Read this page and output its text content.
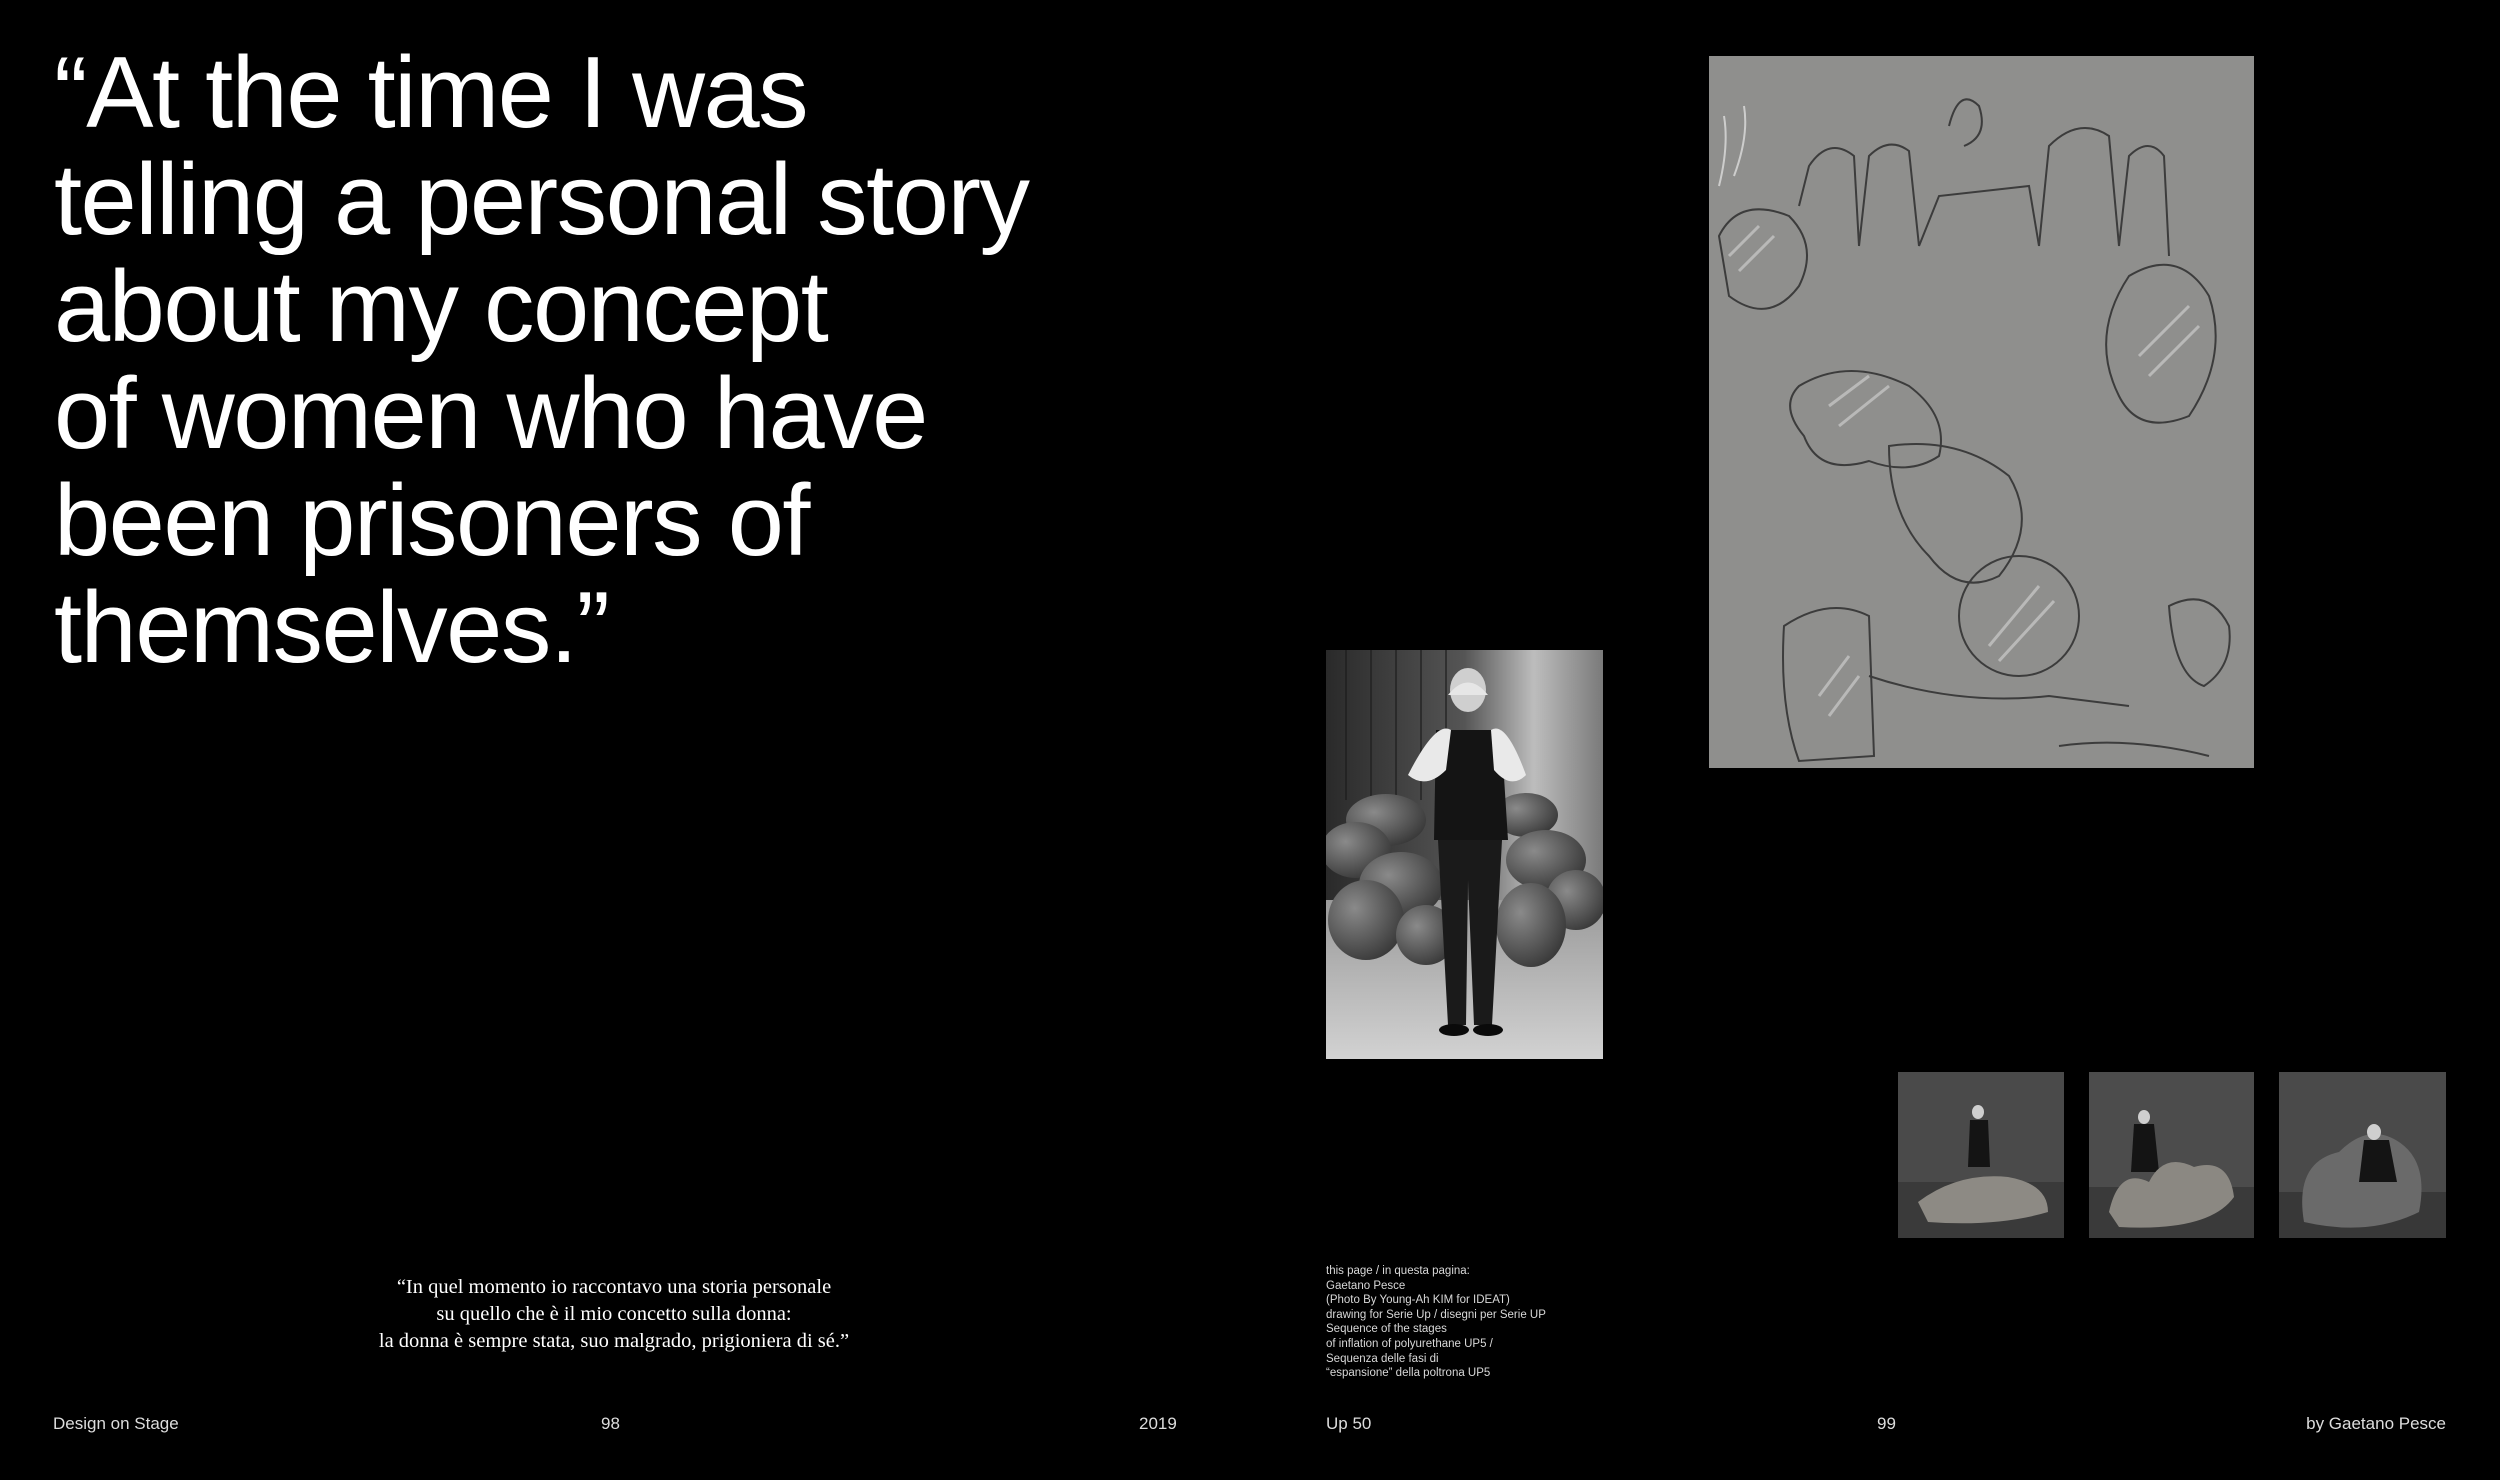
“At the time I was
telling a personal story
about my concept
of women who have
been prisoners of
themselves.”
“In quel momento io raccontavo una storia personale
su quello che è il mio concetto sulla donna:
la donna è sempre stata, suo malgrado, prigioniera di sé.”
this page / in questa pagina:
Gaetano Pesce
(Photo By Young-Ah KIM for IDEAT)
drawing for Serie Up / disegni per Serie UP
Sequence of the stages
of inflation of polyurethane UP5 /
Sequenza delle fasi di
“espansione” della poltrona UP5
Design on Stage	98	2019	Up 50	99	by Gaetano Pesce
